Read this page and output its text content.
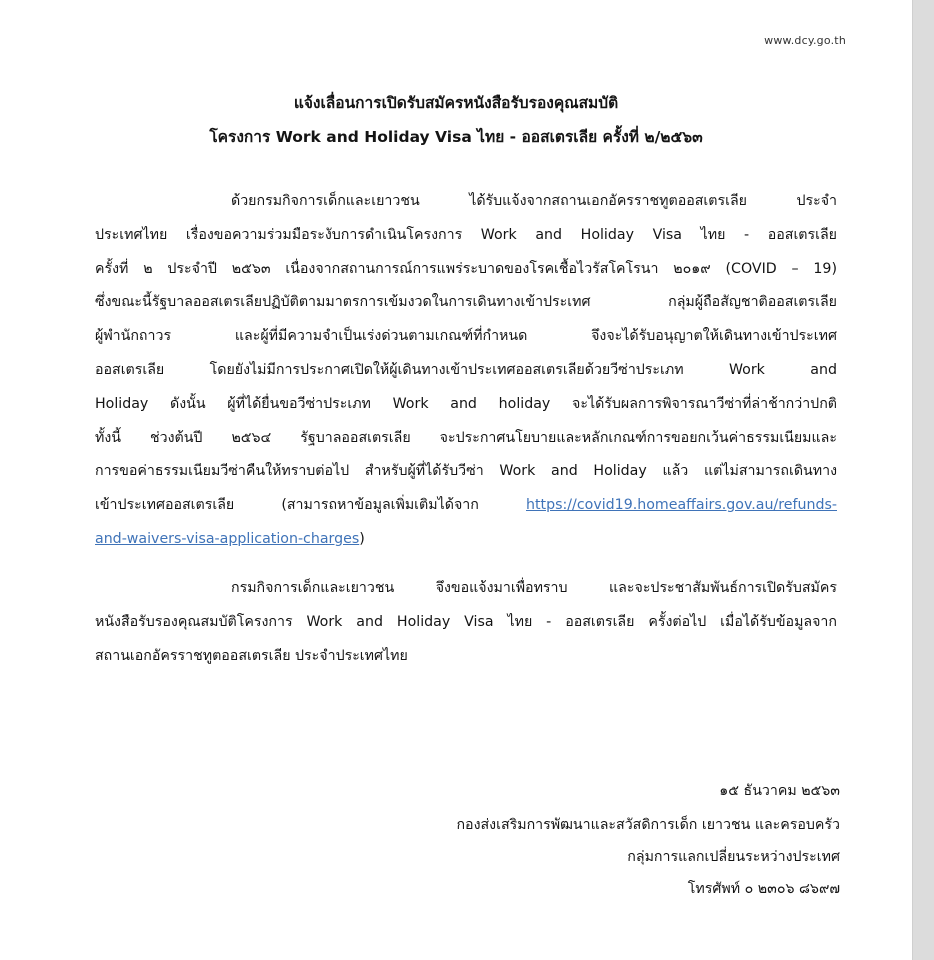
www.dcy.go.th
แจ้งเลื่อนการเปิดรับสมัครหนังสือรับรองคุณสมบัติ
โครงการ Work and Holiday Visa ไทย - ออสเตรเลีย ครั้งที่ ๒/๒๕๖๓
ด้วยกรมกิจการเด็กและเยาวชน ได้รับแจ้งจากสถานเอกอัครราชทูตออสเตรเลีย ประจำ
ประเทศไทย เรื่องขอความร่วมมือระงับการดำเนินโครงการ Work and Holiday Visa ไทย - ออสเตรเลีย
ครั้งที่ ๒ ประจำปี ๒๕๖๓ เนื่องจากสถานการณ์การแพร่ระบาดของโรคเชื้อไวรัสโคโรนา ๒๐๑๙ (COVID – 19)
ซึ่งขณะนี้รัฐบาลออสเตรเลียปฏิบัติตามมาตรการเข้มงวดในการเดินทางเข้าประเทศ กลุ่มผู้ถือสัญชาติออสเตรเลีย
ผู้พำนักถาวร และผู้ที่มีความจำเป็นเร่งด่วนตามเกณฑ์ที่กำหนด จึงจะได้รับอนุญาตให้เดินทางเข้าประเทศ
ออสเตรเลีย โดยยังไม่มีการประกาศเปิดให้ผู้เดินทางเข้าประเทศออสเตรเลียด้วยวีซ่าประเภท Work and
Holiday ดังนั้น ผู้ที่ได้ยื่นขอวีซ่าประเภท Work and holiday จะได้รับผลการพิจารณาวีซ่าที่ล่าช้ากว่าปกติ
ทั้งนี้ ช่วงต้นปี ๒๕๖๔ รัฐบาลออสเตรเลีย จะประกาศนโยบายและหลักเกณฑ์การขอยกเว้นค่าธรรมเนียมและ
การขอค่าธรรมเนียมวีซ่าคืนให้ทราบต่อไป สำหรับผู้ที่ได้รับวีซ่า Work and Holiday แล้ว แต่ไม่สามารถเดินทาง
เข้าประเทศออสเตรเลีย (สามารถหาข้อมูลเพิ่มเติมได้จาก https://covid19.homeaffairs.gov.au/refunds-
and-waivers-visa-application-charges)
กรมกิจการเด็กและเยาวชน จึงขอแจ้งมาเพื่อทราบ และจะประชาสัมพันธ์การเปิดรับสมัคร
หนังสือรับรองคุณสมบัติโครงการ Work and Holiday Visa ไทย - ออสเตรเลีย ครั้งต่อไป เมื่อได้รับข้อมูลจาก
สถานเอกอัครราชทูตออสเตรเลีย ประจำประเทศไทย
๑๕ ธันวาคม ๒๕๖๓
กองส่งเสริมการพัฒนาและสวัสดิการเด็ก เยาวชน และครอบครัว
กลุ่มการแลกเปลี่ยนระหว่างประเทศ
โทรศัพท์ ๐ ๒๓๐๖ ๘๖๙๗
